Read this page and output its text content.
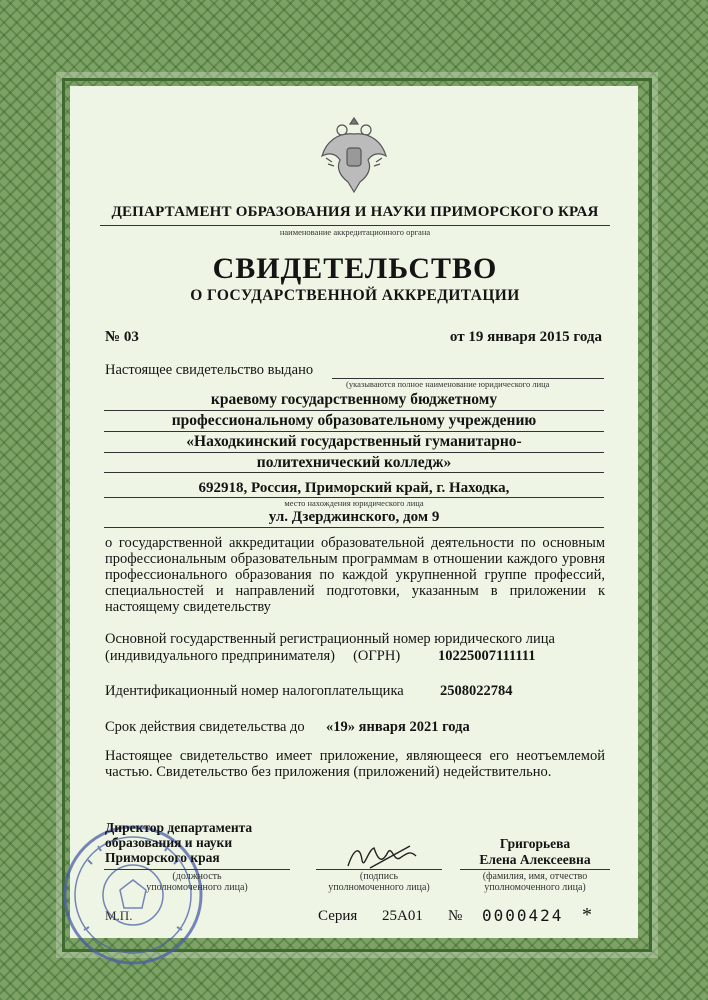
ДЕПАРТАМЕНТ ОБРАЗОВАНИЯ И НАУКИ ПРИМОРСКОГО КРАЯ
наименование аккредитационного органа
СВИДЕТЕЛЬСТВО
О ГОСУДАРСТВЕННОЙ АККРЕДИТАЦИИ
№ 03	от 19 января 2015 года
Настоящее свидетельство выдано
(указываются полное наименование юридического лица
краевому государственному бюджетному
профессиональному образовательному учреждению
«Находкинский государственный гуманитарно-
политехнический колледж»
692918, Россия, Приморский край, г. Находка,
место нахождения юридического лица
ул. Дзерджинского, дом 9
о государственной аккредитации образовательной деятельности по основным профессиональным образовательным программам в отношении каждого уровня профессионального образования по каждой укрупненной группе профессий, специальностей и направлений подготовки, указанным в приложении к настоящему свидетельству
Основной государственный регистрационный номер юридического лица
(индивидуального предпринимателя)     (ОГРН)	10225007111111
Идентификационный номер налогоплательщика	2508022784
Срок действия свидетельства до «19» января 2021 года
Настоящее свидетельство имеет приложение, являющееся его неотъемлемой частью. Свидетельство без приложения (приложений) недействительно.
Директор департамента
образования и науки
Приморского края
(должность
уполномоченного лица)
(подпись
уполномоченного лица)
Григорьева
Елена Алексеевна
(фамилия, имя, отчество
уполномоченного лица)
М.П.	Серия 25А01 № 0000424 *
